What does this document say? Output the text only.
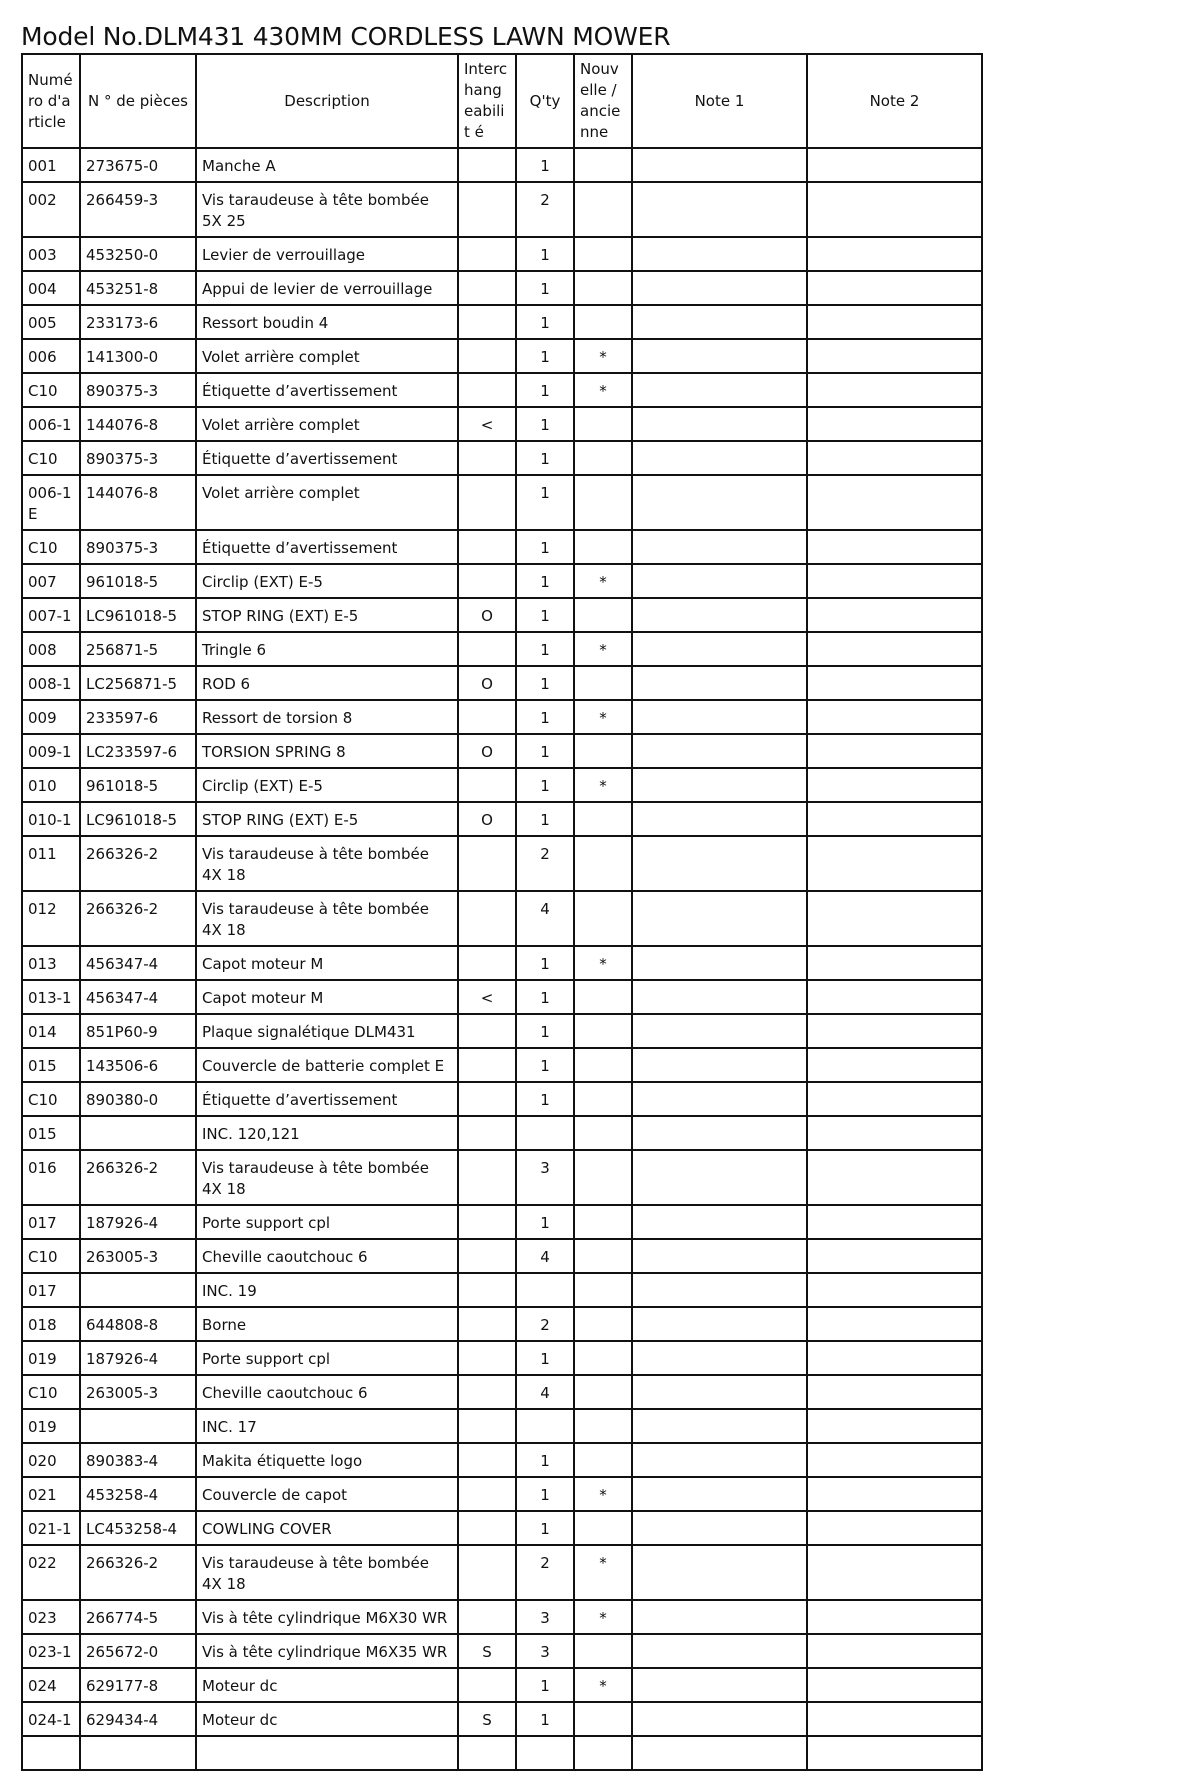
Model No.DLM431 430MM CORDLESS LAWN MOWER
Numé ro d'a rticle	N ° de pièces	Description	Interc hang eabilit é	Q'ty	Nouv elle / ancie nne	Note 1	Note 2
001	273675-0	Manche A		1			
002	266459-3	Vis taraudeuse à tête bombée 5X 25		2			
003	453250-0	Levier de verrouillage		1			
004	453251-8	Appui de levier de verrouillage		1			
005	233173-6	Ressort boudin 4		1			
006	141300-0	Volet arrière complet		1	*		
C10	890375-3	Étiquette d’avertissement		1	*		
006-1	144076-8	Volet arrière complet	<	1			
C10	890375-3	Étiquette d’avertissement		1			
006-1 E	144076-8	Volet arrière complet		1			
C10	890375-3	Étiquette d’avertissement		1			
007	961018-5	Circlip (EXT) E-5		1	*		
007-1	LC961018-5	STOP RING (EXT) E-5	O	1			
008	256871-5	Tringle 6		1	*		
008-1	LC256871-5	ROD 6	O	1			
009	233597-6	Ressort de torsion 8		1	*		
009-1	LC233597-6	TORSION SPRING 8	O	1			
010	961018-5	Circlip (EXT) E-5		1	*		
010-1	LC961018-5	STOP RING (EXT) E-5	O	1			
011	266326-2	Vis taraudeuse à tête bombée 4X 18		2			
012	266326-2	Vis taraudeuse à tête bombée 4X 18		4			
013	456347-4	Capot moteur M		1	*		
013-1	456347-4	Capot moteur M	<	1			
014	851P60-9	Plaque signalétique DLM431		1			
015	143506-6	Couvercle de batterie complet E		1			
C10	890380-0	Étiquette d’avertissement		1			
015		INC. 120,121					
016	266326-2	Vis taraudeuse à tête bombée 4X 18		3			
017	187926-4	Porte support cpl		1			
C10	263005-3	Cheville caoutchouc 6		4			
017		INC. 19					
018	644808-8	Borne		2			
019	187926-4	Porte support cpl		1			
C10	263005-3	Cheville caoutchouc 6		4			
019		INC. 17					
020	890383-4	Makita étiquette logo		1			
021	453258-4	Couvercle de capot		1	*		
021-1	LC453258-4	COWLING COVER		1			
022	266326-2	Vis taraudeuse à tête bombée 4X 18		2	*		
023	266774-5	Vis à tête cylindrique M6X30 WR		3	*		
023-1	265672-0	Vis à tête cylindrique M6X35 WR	S	3			
024	629177-8	Moteur dc		1	*		
024-1	629434-4	Moteur dc	S	1			
